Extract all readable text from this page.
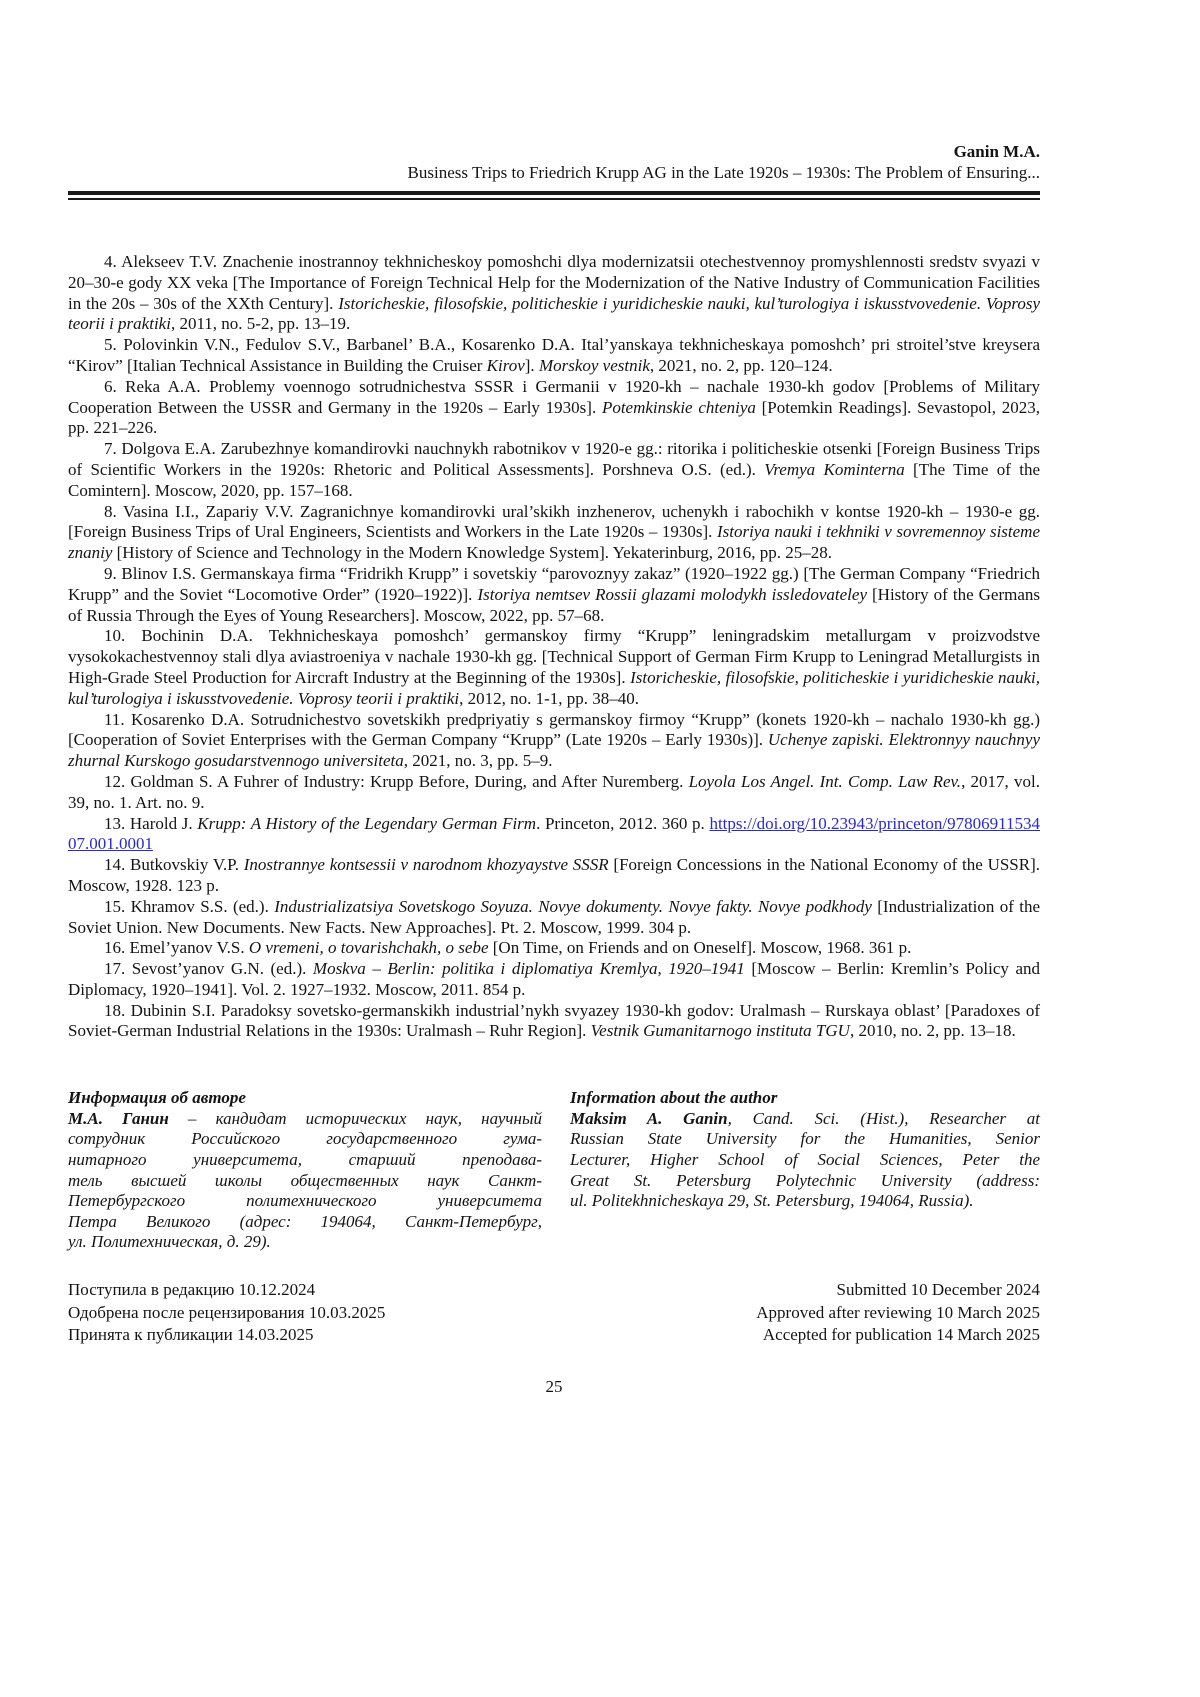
Ganin M.A.
Business Trips to Friedrich Krupp AG in the Late 1920s – 1930s: The Problem of Ensuring...

4. Alekseev T.V. Znachenie inostrannoy tekhnicheskoy pomoshchi dlya modernizatsii otechestvennoy promyshlennosti sredstv svyazi v 20–30-e gody XX veka [The Importance of Foreign Technical Help for the Modernization of the Native Industry of Communication Facilities in the 20s – 30s of the XXth Century]. Istoricheskie, filosofskie, politicheskie i yuridicheskie nauki, kul’turologiya i iskusstvovedenie. Voprosy teorii i praktiki, 2011, no. 5-2, pp. 13–19.

5. Polovinkin V.N., Fedulov S.V., Barbanel’ B.A., Kosarenko D.A. Ital’yanskaya tekhnicheskaya pomoshch’ pri stroitel’stve kreysera “Kirov” [Italian Technical Assistance in Building the Cruiser Kirov]. Morskoy vestnik, 2021, no. 2, pp. 120–124.

6. Reka A.A. Problemy voennogo sotrudnichestva SSSR i Germanii v 1920-kh – nachale 1930-kh godov [Problems of Military Cooperation Between the USSR and Germany in the 1920s – Early 1930s]. Potemkinskie chteniya [Potemkin Readings]. Sevastopol, 2023, pp. 221–226.

7. Dolgova E.A. Zarubezhnye komandirovki nauchnykh rabotnikov v 1920-e gg.: ritorika i politicheskie otsenki [Foreign Business Trips of Scientific Workers in the 1920s: Rhetoric and Political Assessments]. Porshneva O.S. (ed.). Vremya Kominterna [The Time of the Comintern]. Moscow, 2020, pp. 157–168.

8. Vasina I.I., Zapariy V.V. Zagranichnye komandirovki ural’skikh inzhenerov, uchenykh i rabochikh v kontse 1920-kh – 1930-e gg. [Foreign Business Trips of Ural Engineers, Scientists and Workers in the Late 1920s – 1930s]. Istoriya nauki i tekhniki v sovremennoy sisteme znaniy [History of Science and Technology in the Modern Knowledge System]. Yekaterinburg, 2016, pp. 25–28.

9. Blinov I.S. Germanskaya firma “Fridrikh Krupp” i sovetskiy “parovoznyy zakaz” (1920–1922 gg.) [The German Company “Friedrich Krupp” and the Soviet “Locomotive Order” (1920–1922)]. Istoriya nemtsev Rossii glazami molodykh issledovateley [History of the Germans of Russia Through the Eyes of Young Researchers]. Moscow, 2022, pp. 57–68.

10. Bochinin D.A. Tekhnicheskaya pomoshch’ germanskoy firmy “Krupp” leningradskim metallurgam v proizvodstve vysokokachestvennoy stali dlya aviastroeniya v nachale 1930-kh gg. [Technical Support of German Firm Krupp to Leningrad Metallurgists in High-Grade Steel Production for Aircraft Industry at the Beginning of the 1930s]. Istoricheskie, filosofskie, politicheskie i yuridicheskie nauki, kul’turologiya i iskusstvovedenie. Voprosy teorii i praktiki, 2012, no. 1-1, pp. 38–40.

11. Kosarenko D.A. Sotrudnichestvo sovetskikh predpriyatiy s germanskoy firmoy “Krupp” (konets 1920-kh – nachalo 1930-kh gg.) [Cooperation of Soviet Enterprises with the German Company “Krupp” (Late 1920s – Early 1930s)]. Uchenye zapiski. Elektronnyy nauchnyy zhurnal Kurskogo gosudarstvennogo universiteta, 2021, no. 3, pp. 5–9.

12. Goldman S. A Fuhrer of Industry: Krupp Before, During, and After Nuremberg. Loyola Los Angel. Int. Comp. Law Rev., 2017, vol. 39, no. 1. Art. no. 9.

13. Harold J. Krupp: A History of the Legendary German Firm. Princeton, 2012. 360 p. https://doi.org/10.23943/princeton/9780691153407.001.0001

14. Butkovskiy V.P. Inostrannye kontsessii v narodnom khozyaystve SSSR [Foreign Concessions in the National Economy of the USSR]. Moscow, 1928. 123 p.

15. Khramov S.S. (ed.). Industrializatsiya Sovetskogo Soyuza. Novye dokumenty. Novye fakty. Novye podkhody [Industrialization of the Soviet Union. New Documents. New Facts. New Approaches]. Pt. 2. Moscow, 1999. 304 p.

16. Emel’yanov V.S. O vremeni, o tovarishchakh, o sebe [On Time, on Friends and on Oneself]. Moscow, 1968. 361 p.

17. Sevost’yanov G.N. (ed.). Moskva – Berlin: politika i diplomatiya Kremlya, 1920–1941 [Moscow – Berlin: Kremlin’s Policy and Diplomacy, 1920–1941]. Vol. 2. 1927–1932. Moscow, 2011. 854 p.

18. Dubinin S.I. Paradoksy sovetsko-germanskikh industrial’nykh svyazey 1930-kh godov: Uralmash – Rurskaya oblast’ [Paradoxes of Soviet-German Industrial Relations in the 1930s: Uralmash – Ruhr Region]. Vestnik Gumanitarnogo instituta TGU, 2010, no. 2, pp. 13–18.

Информация об авторе
М.А. Ганин – кандидат исторических наук, научный
сотрудник Российского государственного гума-
нитарного университета, старший преподава-
тель высшей школы общественных наук Санкт-
Петербургского политехнического университета
Петра Великого (адрес: 194064, Санкт-Петербург,
ул. Политехническая, д. 29).
Information about the author
Maksim A. Ganin, Cand. Sci. (Hist.), Researcher at
Russian State University for the Humanities, Senior
Lecturer, Higher School of Social Sciences, Peter the
Great St. Petersburg Polytechnic University (address:
ul. Politekhnicheskaya 29, St. Petersburg, 194064, Russia).
Поступила в редакцию 10.12.2024
Одобрена после рецензирования 10.03.2025
Принята к публикации 14.03.2025
Submitted 10 December 2024
Approved after reviewing 10 March 2025
Accepted for publication 14 March 2025
25
